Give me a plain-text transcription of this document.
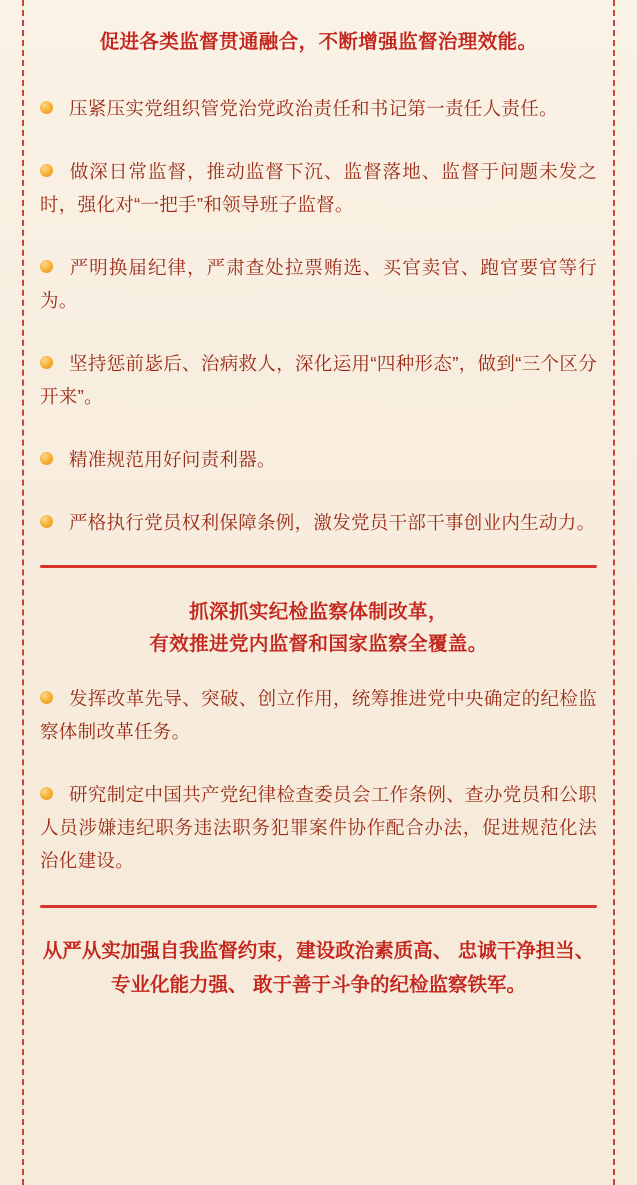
促进各类监督贯通融合，不断增强监督治理效能。
压紧压实党组织管党治党政治责任和书记第一责任人责任。
做深日常监督，推动监督下沉、监督落地、监督于问题未发之时，强化对“一把手”和领导班子监督。
严明换届纪律，严肃查处拉票贿选、买官卖官、跑官要官等行为。
坚持惩前毖后、治病救人，深化运用“四种形态”，做到“三个区分开来”。
精准规范用好问责利器。
严格执行党员权利保障条例，激发党员干部干事创业内生动力。
抓深抓实纪检监察体制改革，
有效推进党内监督和国家监察全覆盖。
发挥改革先导、突破、创立作用，统筹推进党中央确定的纪检监察体制改革任务。
研究制定中国共产党纪律检查委员会工作条例、查办党员和公职人员涉嫌违纪职务违法职务犯罪案件协作配合办法，促进规范化法治化建设。
从严从实加强自我监督约束，建设政治素质高、 忠诚干净担当、专业化能力强、 敢于善于斗争的纪检监察铁军。
